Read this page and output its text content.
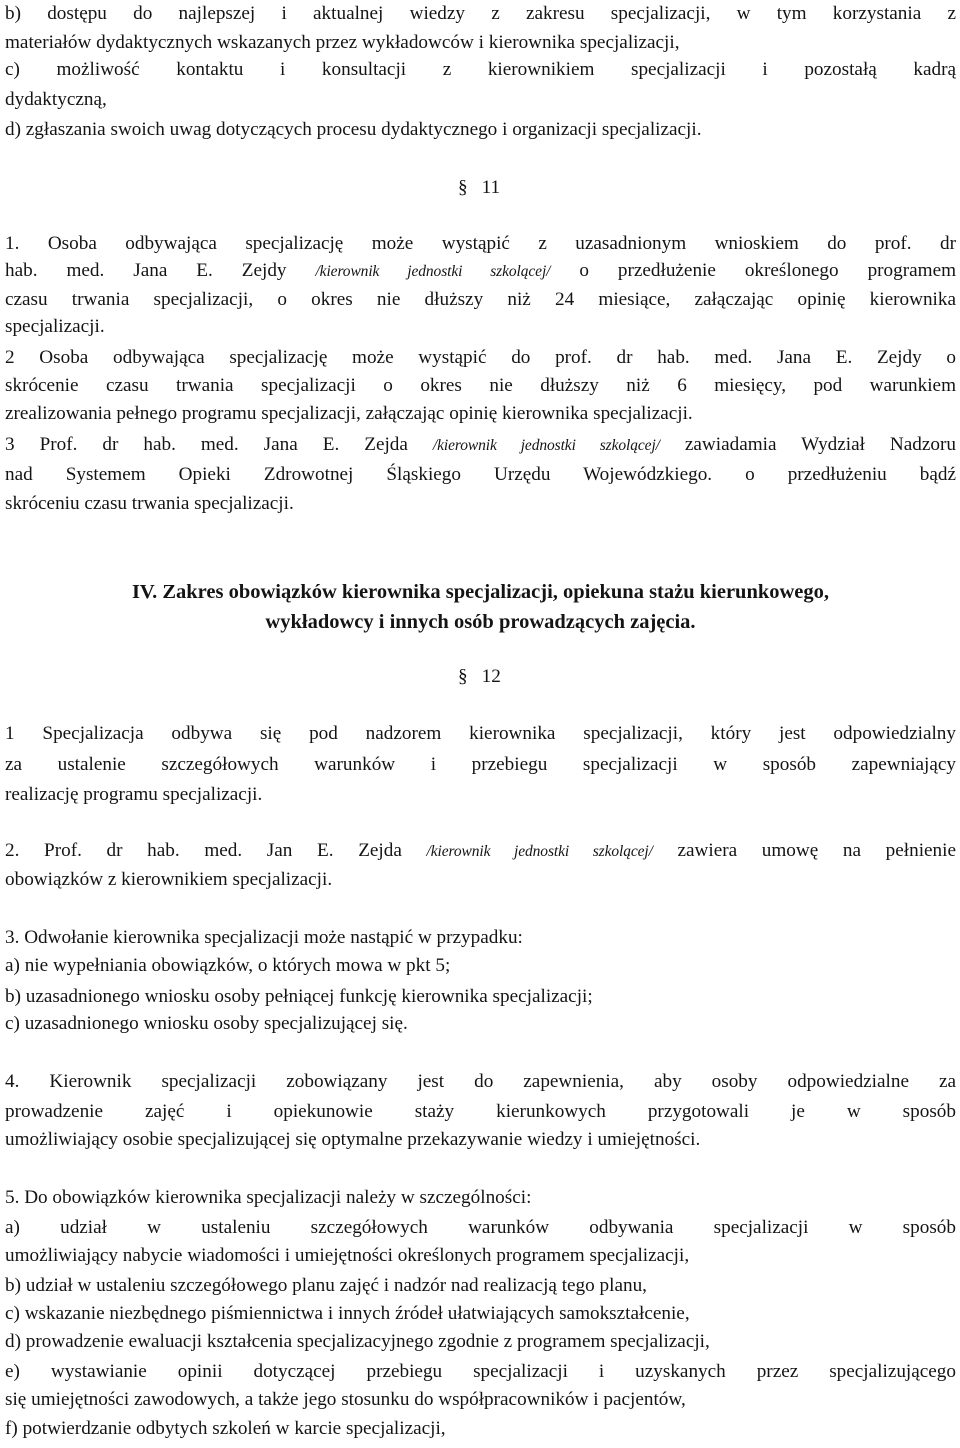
b) dostępu do najlepszej i aktualnej wiedzy z zakresu specjalizacji, w tym korzystania z
materiałów dydaktycznych wskazanych przez wykładowców i kierownika specjalizacji,
c) możliwość kontaktu i konsultacji z kierownikiem specjalizacji i pozostałą kadrą
dydaktyczną,
d) zgłaszania swoich uwag dotyczących procesu dydaktycznego i organizacji specjalizacji.
§ 11
1. Osoba odbywająca specjalizację może wystąpić z uzasadnionym wnioskiem do prof. dr
hab. med. Jana E. Zejdy /kierownik jednostki szkolącej/ o przedłużenie określonego programem
czasu trwania specjalizacji, o okres nie dłuższy niż 24 miesiące, załączając opinię kierownika
specjalizacji.
2 Osoba odbywająca specjalizację może wystąpić do prof. dr hab. med. Jana E. Zejdy o
skrócenie czasu trwania specjalizacji o okres nie dłuższy niż 6 miesięcy, pod warunkiem
zrealizowania pełnego programu specjalizacji, załączając opinię kierownika specjalizacji.
3 Prof. dr hab. med. Jana E. Zejda /kierownik jednostki szkolącej/ zawiadamia Wydział Nadzoru
nad Systemem Opieki Zdrowotnej Śląskiego Urzędu Wojewódzkiego. o przedłużeniu bądź
skróceniu czasu trwania specjalizacji.
IV. Zakres obowiązków kierownika specjalizacji, opiekuna stażu kierunkowego,
wykładowcy i innych osób prowadzących zajęcia.
§ 12
1 Specjalizacja odbywa się pod nadzorem kierownika specjalizacji, który jest odpowiedzialny
za ustalenie szczegółowych warunków i przebiegu specjalizacji w sposób zapewniający
realizację programu specjalizacji.
2. Prof. dr hab. med. Jan E. Zejda /kierownik jednostki szkolącej/ zawiera umowę na pełnienie
obowiązków z kierownikiem specjalizacji.
3. Odwołanie kierownika specjalizacji może nastąpić w przypadku:
a) nie wypełniania obowiązków, o których mowa w pkt 5;
b) uzasadnionego wniosku osoby pełniącej funkcję kierownika specjalizacji;
c) uzasadnionego wniosku osoby specjalizującej się.
4. Kierownik specjalizacji zobowiązany jest do zapewnienia, aby osoby odpowiedzialne za
prowadzenie zajęć i opiekunowie staży kierunkowych przygotowali je w sposób
umożliwiający osobie specjalizującej się optymalne przekazywanie wiedzy i umiejętności.
5. Do obowiązków kierownika specjalizacji należy w szczególności:
a) udział w ustaleniu szczegółowych warunków odbywania specjalizacji w sposób
umożliwiający nabycie wiadomości i umiejętności określonych programem specjalizacji,
b) udział w ustaleniu szczegółowego planu zajęć i nadzór nad realizacją tego planu,
c) wskazanie niezbędnego piśmiennictwa i innych źródeł ułatwiających samokształcenie,
d) prowadzenie ewaluacji kształcenia specjalizacyjnego zgodnie z programem specjalizacji,
e) wystawianie opinii dotyczącej przebiegu specjalizacji i uzyskanych przez specjalizującego
się umiejętności zawodowych, a także jego stosunku do współpracowników i pacjentów,
f) potwierdzanie odbytych szkoleń w karcie specjalizacji,
